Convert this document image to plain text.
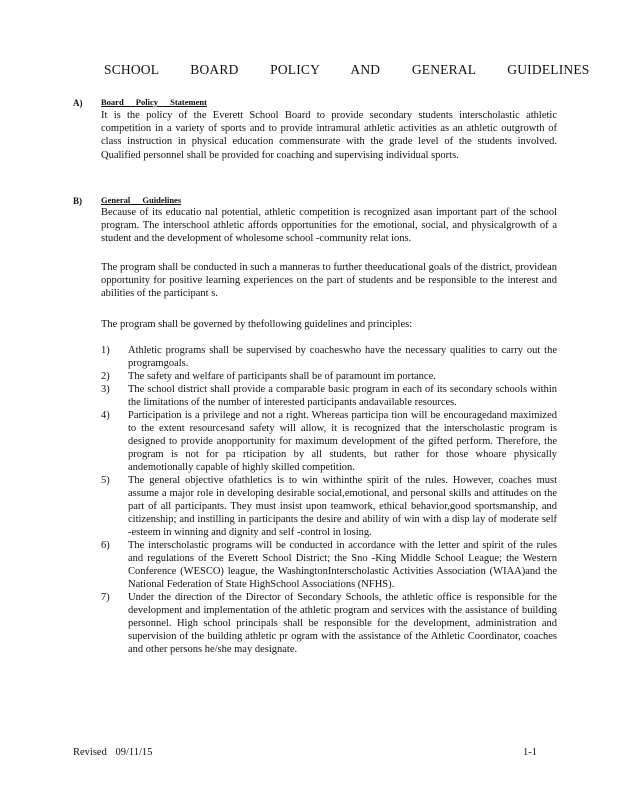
SCHOOL BOARD POLICY AND GENERAL GUIDELINES
A) Board Policy Statement
It is the policy of the Everett School Board to provide secondary students interscholastic athletic competition in a variety of sports and to provide intramural athletic activities as an athletic outgrowth of class instruction in physical education commensurate with the grade level of the students involved. Qualified personnel shall be provided for coaching and supervising individual sports.
B) General Guidelines
Because of its educatio nal potential, athletic competition is recognized asan important part of the school program. The interschool athletic affords opportunities for the emotional, social, and physicalgrowth of a student and the development of wholesome school -community relat ions.
The program shall be conducted in such a manneras to further theeducational goals of the district, providean opportunity for positive learning experiences on the part of students and be responsible to the interest and abilities of the participant s.
The program shall be governed by thefollowing guidelines and principles:
1) Athletic programs shall be supervised by coacheswho have the necessary qualities to carry out the programgoals.
2) The safety and welfare of participants shall be of paramount im portance.
3) The school district shall provide a comparable basic program in each of its secondary schools within the limitations of the number of interested participants andavailable resources.
4) Participation is a privilege and not a right. Whereas participa tion will be encouragedand maximized to the extent resourcesand safety will allow, it is recognized that the interscholastic program is designed to provide anopportunity for maximum development of the gifted perform. Therefore, the program is not for pa rticipation by all students, but rather for those whoare physically andemotionally capable of highly skilled competition.
5) The general objective ofathletics is to win withinthe spirit of the rules. However, coaches must assume a major role in developing desirable social,emotional, and personal skills and attitudes on the part of all participants. They must insist upon teamwork, ethical behavior,good sportsmanship, and citizenship; and instilling in participants the desire and ability of win with a disp lay of moderate self -esteem in winning and dignity and self -control in losing.
6) The interscholastic programs will be conducted in accordance with the letter and spirit of the rules and regulations of the Everett School District; the Sno -King Middle School League; the Western Conference (WESCO) league, the WashingtonInterscholastic Activities Association (WIAA)and the National Federation of State HighSchool Associations (NFHS).
7) Under the direction of the Director of Secondary Schools, the athletic office is responsible for the development and implementation of the athletic program and services with the assistance of building personnel. High school principals shall be responsible for the development, administration and supervision of the building athletic pr ogram with the assistance of the Athletic Coordinator, coaches and other persons he/she may designate.
Revised 09/11/15	1-1
